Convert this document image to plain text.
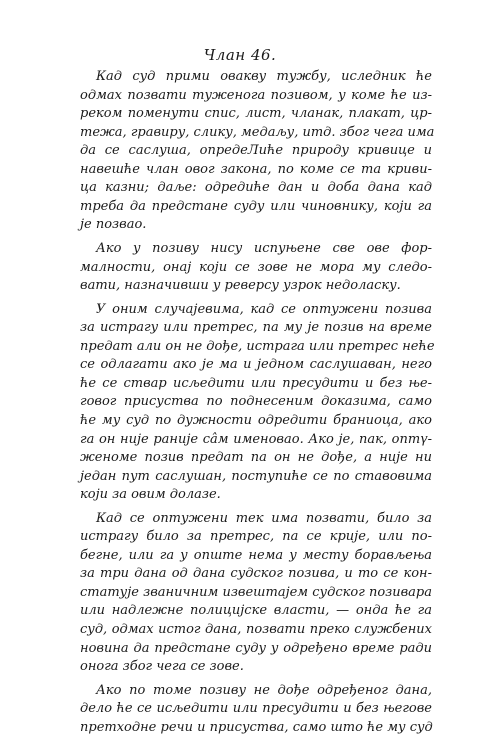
Члан 46.
Кад суд прими овакву тужбу, иследник ће
одмах позвати туженога позивом, у коме ће из-
реком поменути спис, лист, чланак, плакат, цр-
тежа, гравиру, слику, медаљу, итд. због чега има
да се саслуша, опредеЛиће природу кривице и
навешће члан овог закона, по коме се та криви-
ца казни; даље: одредиће дан и доба дана кад
треба да предстане суду или чиновнику, који га
је позвао.
Ако у позиву нису испуњене све ове фор-
малности, онај који се зове не мора му следо-
вати, назначивши у реверсу узрок недоласку.
У оним случајевима, кад се оптужени позива
за истрагу или претрес, па му је позив на време
предат али он не дође, истрага или претрес неће
се одлагати ако је ма и једном саслушаван, него
ће се ствар исљедити или пресудити и без ње-
говог присуства по поднесеним доказима, само
ће му суд по дужности одредити браниоца, ако
га он није раније сâм именовао. Ако је, пак, оптү-
женоме позив предат па он не дође, а није ни
један пут саслушан, поступиће се по ставовима
који за овим долазе.
Кад се оптужени тек има позвати, било за
истрагу било за претрес, па се крије, или по-
бегне, или га у опште нема у месту борављења
за три дана од дана судског позива, и то се кон-
статује званичним извештајем судског позивара
или надлежне полицијске власти, — онда ће га
суд, одмах истог дана, позвати преко службених
новина да предстане суду у одређено време ради
онога због чега се зове.
Ако по томе позиву не дође одређеног дана,
дело ће се исљедити или пресудити и без његове
претходне речи и присуства, само што ће му суд
